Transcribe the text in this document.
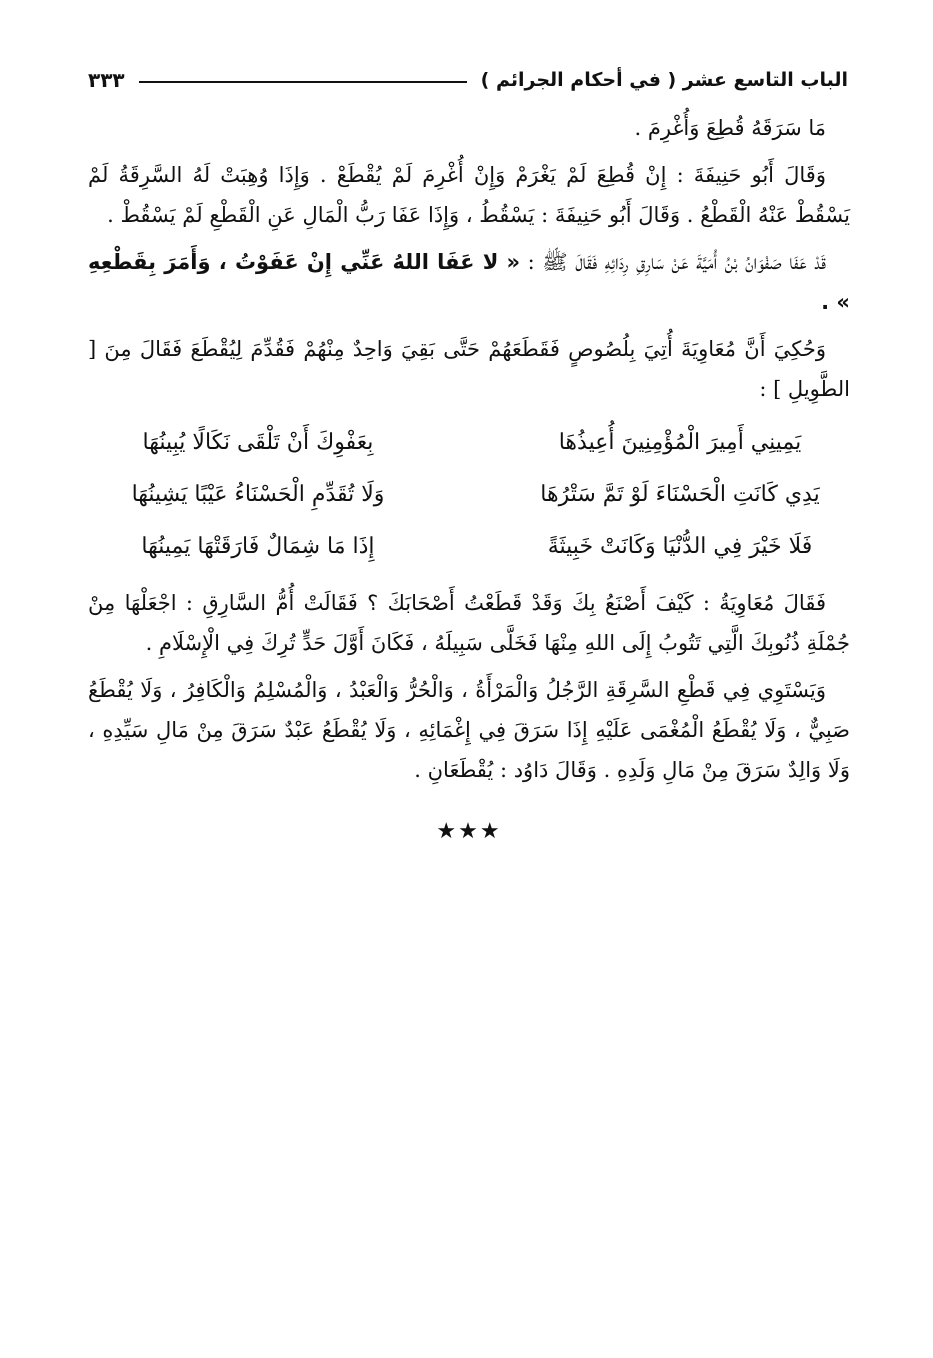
الباب التاسع عشر ( في أحكام الجرائم )
٣٣٣

مَا سَرَقَهُ قُطِعَ وَأُغْرِمَ .

وَقَالَ أَبُو حَنِيفَةَ : إِنْ قُطِعَ لَمْ يَغْرَمْ وَإِنْ أُغْرِمَ لَمْ يُقْطَعْ . وَإِذَا وُهِبَتْ لَهُ السَّرِقَةُ لَمْ يَسْقُطْ عَنْهُ الْقَطْعُ . وَقَالَ أَبُو حَنِيفَةَ : يَسْقُطُ ، وَإِذَا عَفَا رَبُّ الْمَالِ عَنِ الْقَطْعِ لَمْ يَسْقُطْ .

قَدْ عَفَا صَفْوَانُ بْنُ أُمَيَّةَ عَنْ سَارِقِ رِدَائِهِ فَقَالَ ﷺ : « لا عَفَا اللهُ عَنِّي إِنْ عَفَوْتُ ، وَأَمَرَ بِقَطْعِهِ » .

وَحُكِيَ أَنَّ مُعَاوِيَةَ أُتِيَ بِلُصُوصٍ فَقَطَعَهُمْ حَتَّى بَقِيَ وَاحِدٌ مِنْهُمْ فَقُدِّمَ لِيُقْطَعَ فَقَالَ مِنَ [ الطَّوِيلِ ] :

يَمِينِي أَمِيرَ الْمُؤْمِنِينَ أُعِيذُهَا
بِعَفْوِكَ أَنْ تَلْقَى نَكَالًا يُبِينُهَا
يَدِي كَانَتِ الْحَسْنَاءَ لَوْ تَمَّ سَتْرُهَا
وَلَا تُقَدِّمِ الْحَسْنَاءُ عَيْبًا يَشِينُهَا
فَلَا خَيْرَ فِي الدُّنْيَا وَكَانَتْ خَبِيثَةً
إِذَا مَا شِمَالٌ فَارَقَتْهَا يَمِينُهَا

فَقَالَ مُعَاوِيَةُ : كَيْفَ أَصْنَعُ بِكَ وَقَدْ قَطَعْتُ أَصْحَابَكَ ؟ فَقَالَتْ أُمُّ السَّارِقِ : اجْعَلْهَا مِنْ جُمْلَةِ ذُنُوبِكَ الَّتِي تَتُوبُ إِلَى اللهِ مِنْهَا فَخَلَّى سَبِيلَهُ ، فَكَانَ أَوَّلَ حَدٍّ تُرِكَ فِي الْإِسْلَامِ .

وَيَسْتَوِي فِي قَطْعِ السَّرِقَةِ الرَّجُلُ وَالْمَرْأَةُ ، وَالْحُرُّ وَالْعَبْدُ ، وَالْمُسْلِمُ وَالْكَافِرُ ، وَلَا يُقْطَعُ صَبِيٌّ ، وَلَا يُقْطَعُ الْمُغْمَى عَلَيْهِ إِذَا سَرَقَ فِي إِغْمَائِهِ ، وَلَا يُقْطَعُ عَبْدٌ سَرَقَ مِنْ مَالِ سَيِّدِهِ ، وَلَا وَالِدٌ سَرَقَ مِنْ مَالِ وَلَدِهِ . وَقَالَ دَاوُد : يُقْطَعَانِ .

★★★
